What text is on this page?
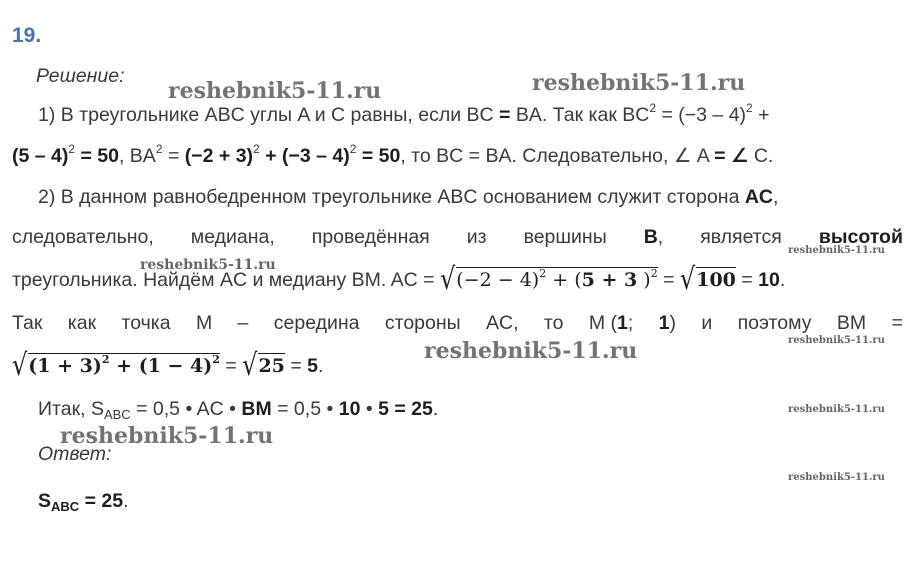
19.
Решение:
1) В треугольнике ABC углы A и C равны, если BC = BA. Так как $BC^2 = (-3 - 4)^2$ +
(5 – 4)$^2$ = 50, $BA^2 = (-2 + 3)^2 + (-3 - 4)^2 = 50$, то BC = BA. Следовательно, ∠ A = ∠ C.
2) В данном равнобедренном треугольнике ABC основанием служит сторона AC,
следовательно, медиана, проведённая из вершины B, является высотой
треугольника. Найдём AC и медиану BM. AC = $√(-2 - 4)^2 + (5 + 3$ )$^2$ = √100 = 10.
Так как точка M – середина стороны AC, то M (1; 1) и поэтому BM =
$√(1 + 3)^2 + (1 - 4)^2 = √25 = 5$.
Итак, $S_{ABC} = 0,5$ • AC • BM = 0,5 • 10 • 5 = 25.
Ответ:
$S_{ABC} = 25$.
reshebnik5-11.ru	reshebnik5-11.ru
reshebnik5-11.ru
reshebnik5-11.ru
reshebnik5-11.ru
reshebnik5-11.ru
reshebnik5-11.ru
reshebnik5-11.ru
reshebnik5-11.ru
